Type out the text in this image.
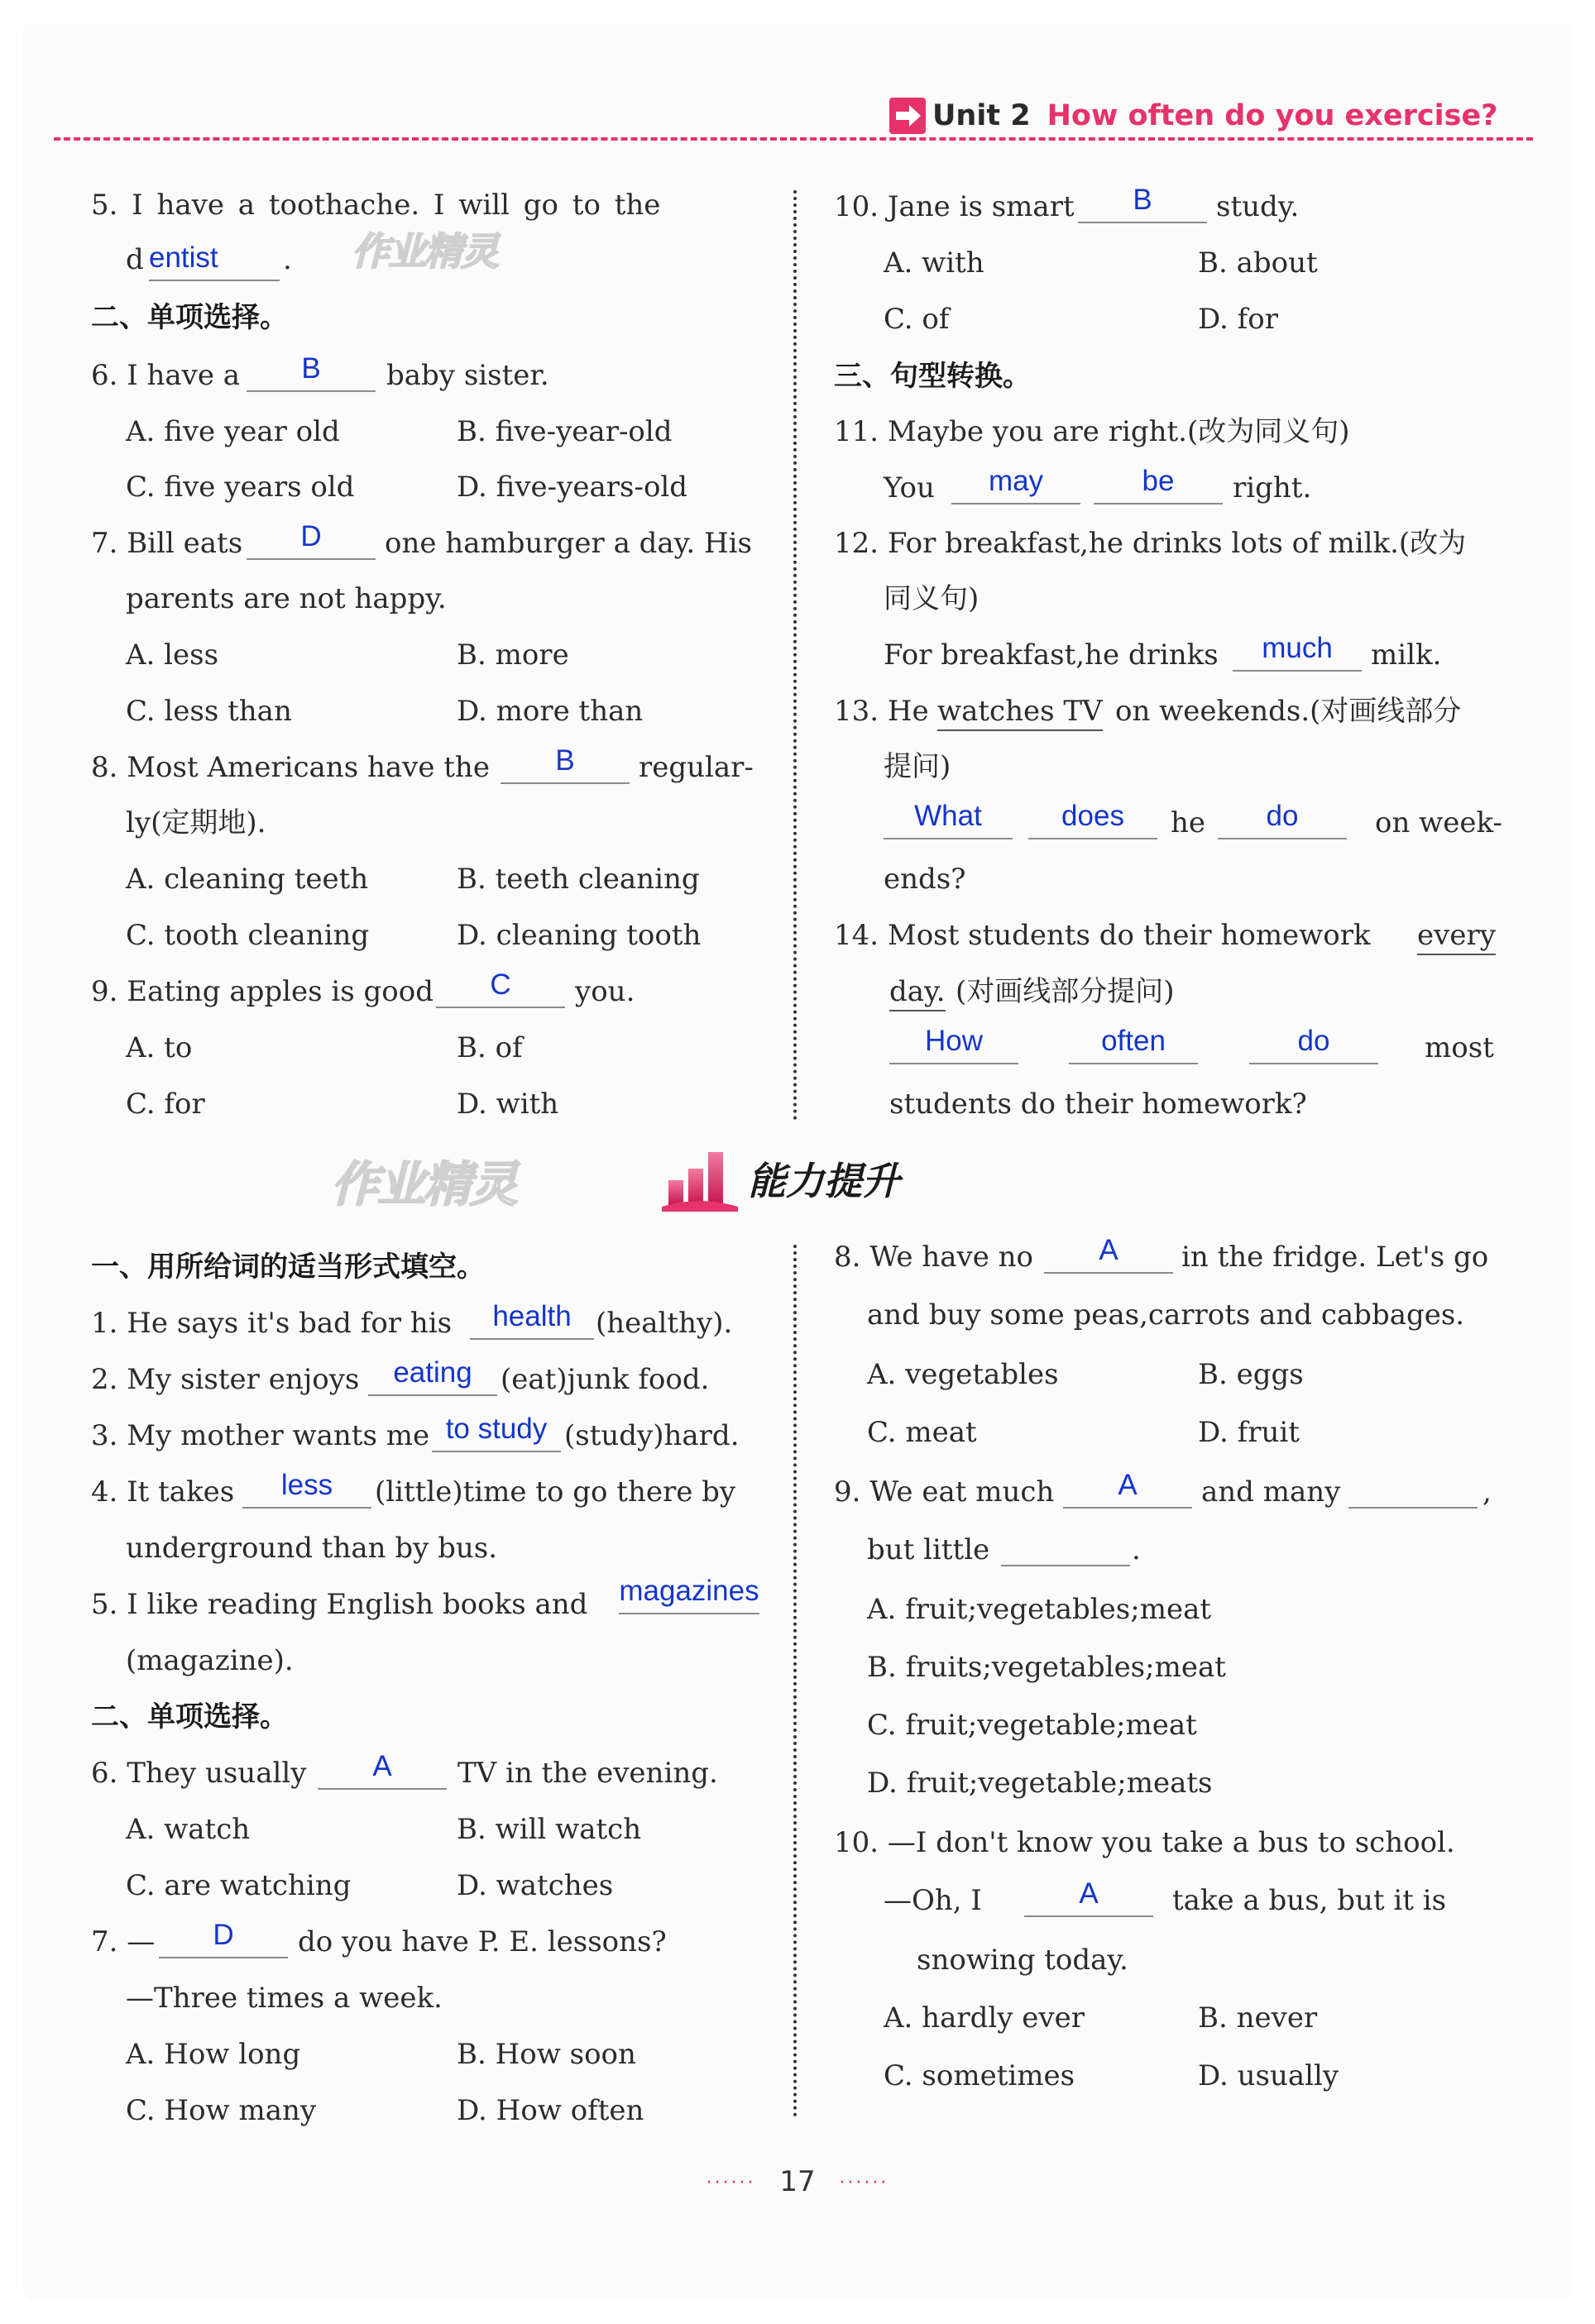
Unit 2 How often do you exercise?
作业精灵
作业精灵
5. I have a toothache. I will go to the
d entist	.
二、单项选择。
6. I have a	B	baby sister.
A. five year old	B. five-year-old
C. five years old	D. five-years-old
7. Bill eats	D	one hamburger a day. His
parents are not happy.
A. less	B. more
C. less than	D. more than
8. Most Americans have the	B	regular-
ly(定期地).
A. cleaning teeth	B. teeth cleaning
C. tooth cleaning	D. cleaning tooth
9. Eating apples is good	C	you.
A. to	B. of
C. for	D. with
10. Jane is smart	B	study.
A. with	B. about
C. of	D. for
三、句型转换。
11. Maybe you are right.(改为同义句)
You	may	be	right.
12. For breakfast,he drinks lots of milk.(改为
同义句)
For breakfast,he drinks	much	milk.
13. He watches TV on weekends.(对画线部分
提问)
What	does	he	do	on week-
ends?
14. Most students do their homework every
day. (对画线部分提问)
How	often	do	most
students do their homework?
能力提升
一、用所给词的适当形式填空。
1. He says it's bad for his	health (healthy).
2. My sister enjoys	eating	(eat)junk food.
3. My mother wants me to study (study)hard.
4. It takes	less	(little)time to go there by
underground than by bus.
5. I like reading English books and magazines
(magazine).
二、单项选择。
6. They usually	A	TV in the evening.
A. watch	B. will watch
C. are watching	D. watches
7. —	D	do you have P. E. lessons?
—Three times a week.
A. How long	B. How soon
C. How many	D. How often
8. We have no	A	in the fridge. Let's go
and buy some peas,carrots and cabbages.
A. vegetables	B. eggs
C. meat	D. fruit
9. We eat much	A	and many	,
but little	.
A. fruit;vegetables;meat
B. fruits;vegetables;meat
C. fruit;vegetable;meat
D. fruit;vegetable;meats
10. —I don't know you take a bus to school.
—Oh, I	A	take a bus, but it is
snowing today.
A. hardly ever	B. never
C. sometimes	D. usually
······ 17 ······
